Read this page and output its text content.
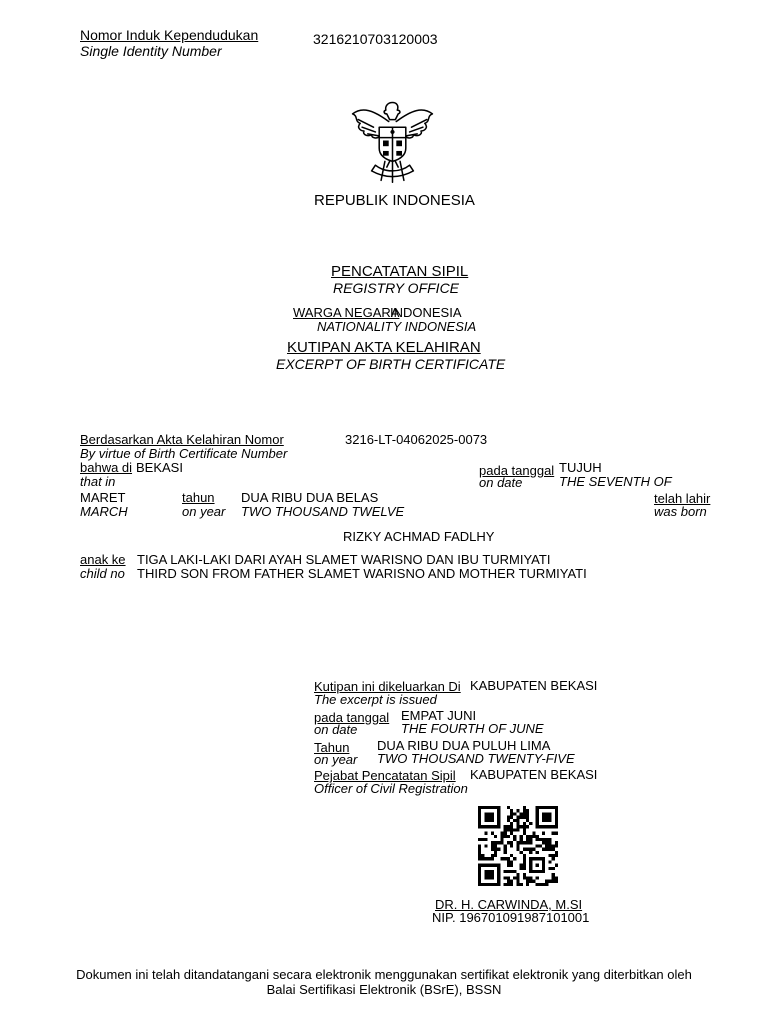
Nomor Induk Kependudukan
Single Identity Number
3216210703120003
REPUBLIK INDONESIA
PENCATATAN SIPIL
REGISTRY OFFICE
WARGA NEGARA
INDONESIA
NATIONALITY INDONESIA
KUTIPAN AKTA KELAHIRAN
EXCERPT OF BIRTH CERTIFICATE
Berdasarkan Akta Kelahiran Nomor
By virtue of Birth Certificate Number
3216-LT-04062025-0073
bahwa di BEKASI
that in
pada tanggal TUJUH
on date	THE SEVENTH OF
MARET
MARCH
tahun
on year
DUA RIBU DUA BELAS
TWO THOUSAND TWELVE
telah lahir
was born
RIZKY ACHMAD FADLHY
anak ke
child no
TIGA LAKI-LAKI DARI AYAH SLAMET WARISNO DAN IBU TURMIYATI
THIRD SON FROM FATHER SLAMET WARISNO AND MOTHER TURMIYATI
Kutipan ini dikeluarkan Di
The excerpt is issued
KABUPATEN BEKASI
pada tanggal
on date
EMPAT JUNI
THE FOURTH OF JUNE
Tahun
on year
DUA RIBU DUA PULUH LIMA
TWO THOUSAND TWENTY-FIVE
Pejabat Pencatatan Sipil
Officer of Civil Registration
KABUPATEN BEKASI
DR. H. CARWINDA, M.SI
NIP. 196701091987101001
Dokumen ini telah ditandatangani secara elektronik menggunakan sertifikat elektronik yang diterbitkan oleh
Balai Sertifikasi Elektronik (BSrE), BSSN
